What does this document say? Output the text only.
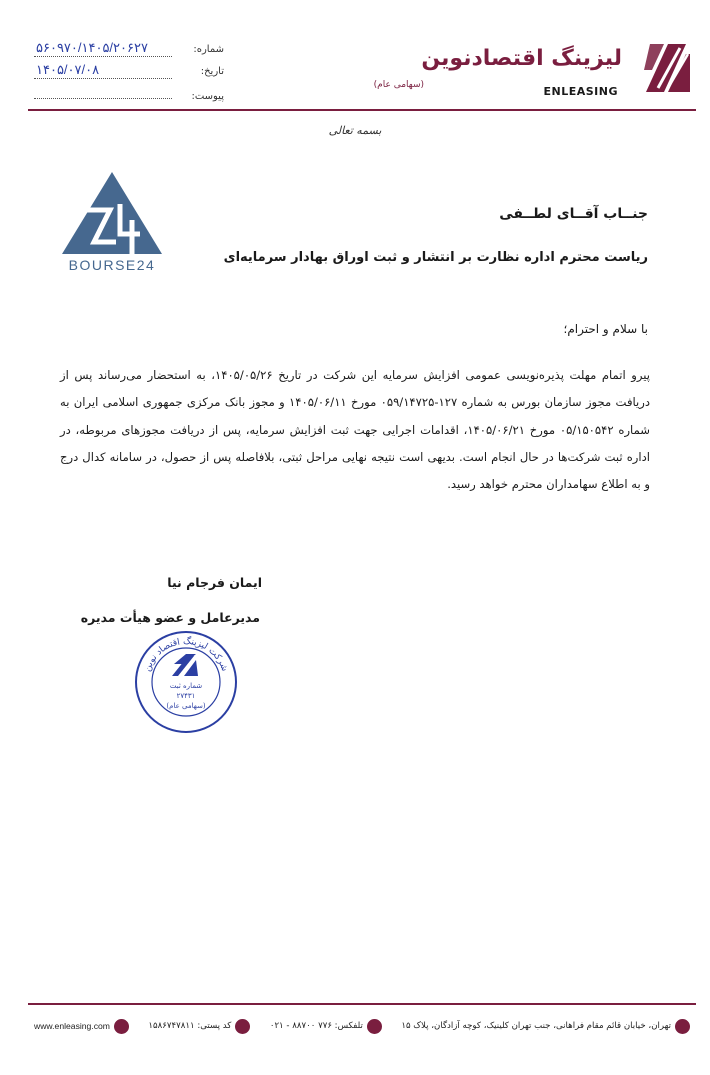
لیزینگ اقتصادنوین
(سهامی عام)	ENLEASING
شماره:
۵۶۰۹۷۰/۱۴۰۵/۲۰۶۲۷
تاریخ:
۱۴۰۵/۰۷/۰۸
پیوست:
بسمه تعالی
BOURSE24
جنــاب آقــای لطــفی
ریاست محترم اداره نظارت بر انتشار و ثبت اوراق بهادار سرمایه‌ای
با سلام و احترام؛
پیرو اتمام مهلت پذیره‌نویسی عمومی افزایش سرمایه این شرکت در تاریخ ۱۴۰۵/۰۵/۲۶، به استحضار می‌رساند پس از دریافت مجوز سازمان بورس به شماره ۱۲۷-۰۵۹/۱۴۷۲۵ مورخ ۱۴۰۵/۰۶/۱۱ و مجوز بانک مرکزی جمهوری اسلامی ایران به شماره ۰۵/۱۵۰۵۴۲ مورخ ۱۴۰۵/۰۶/۲۱، اقدامات اجرایی جهت ثبت افزایش سرمایه، پس از دریافت مجوزهای مربوطه، در اداره ثبت شرکت‌ها در حال انجام است. بدیهی است نتیجه نهایی مراحل ثبتی، بلافاصله پس از حصول، در سامانه کدال درج و به اطلاع سهامداران محترم خواهد رسید.
ایمان فرجام نیا
مدیرعامل و عضو هیأت مدیره
شرکت لیزینگ اقتصاد نوین
شماره ثبت
۲۷۴۳۱
(سهامی عام)
تهران، خیابان قائم مقام فراهانی، جنب تهران کلینیک، کوچه آزادگان، پلاک ۱۵
تلفکس: ۷۷۶ ۸۸۷۰۰ - ۰۲۱
کد پستی: ۱۵۸۶۷۴۷۸۱۱
www.enleasing.com
